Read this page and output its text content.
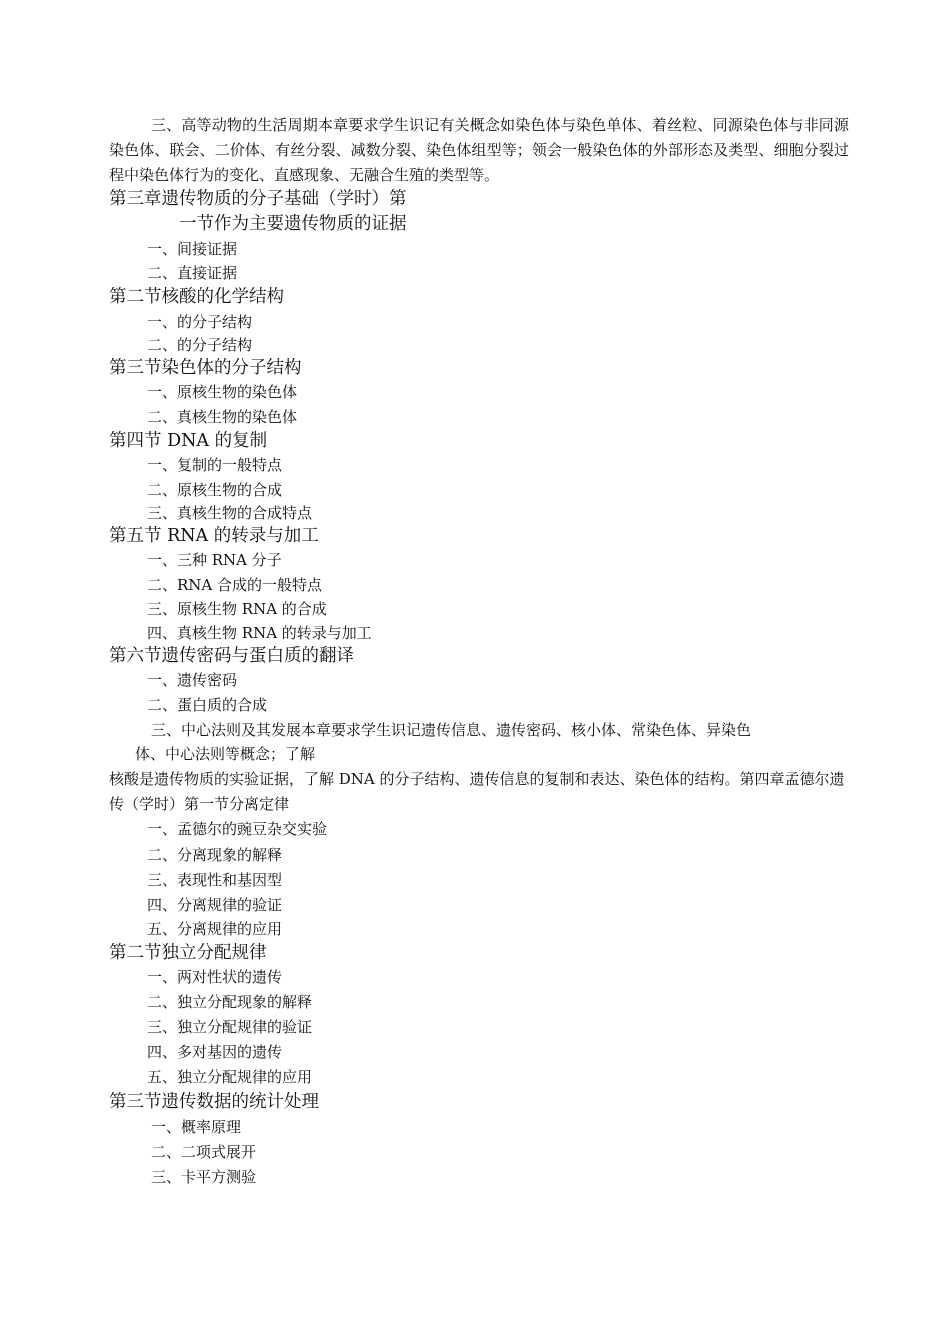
三、高等动物的生活周期本章要求学生识记有关概念如染色体与染色单体、着丝粒、同源染色体与非同源染色体、联会、二价体、有丝分裂、减数分裂、染色体组型等；领会一般染色体的外部形态及类型、细胞分裂过程中染色体行为的变化、直感现象、无融合生殖的类型等。

第三章遗传物质的分子基础（学时）第
一节作为主要遗传物质的证据
一、间接证据
二、直接证据
第二节核酸的化学结构
一、的分子结构
二、的分子结构
第三节染色体的分子结构
一、原核生物的染色体
二、真核生物的染色体
第四节 DNA 的复制
一、复制的一般特点
二、原核生物的合成
三、真核生物的合成特点
第五节 RNA 的转录与加工
一、三种 RNA 分子
二、RNA 合成的一般特点
三、原核生物 RNA 的合成
四、真核生物 RNA 的转录与加工
第六节遗传密码与蛋白质的翻译
一、遗传密码
二、蛋白质的合成
三、中心法则及其发展本章要求学生识记遗传信息、遗传密码、核小体、常染色体、异染色
体、中心法则等概念；了解

核酸是遗传物质的实验证据，了解 DNA 的分子结构、遗传信息的复制和表达、染色体的结构。第四章孟德尔遗传（学时）第一节分离定律

一、孟德尔的豌豆杂交实验
二、分离现象的解释
三、表现性和基因型
四、分离规律的验证
五、分离规律的应用
第二节独立分配规律
一、两对性状的遗传
二、独立分配现象的解释
三、独立分配规律的验证
四、多对基因的遗传
五、独立分配规律的应用
第三节遗传数据的统计处理
一、概率原理
二、二项式展开
三、卡平方测验
